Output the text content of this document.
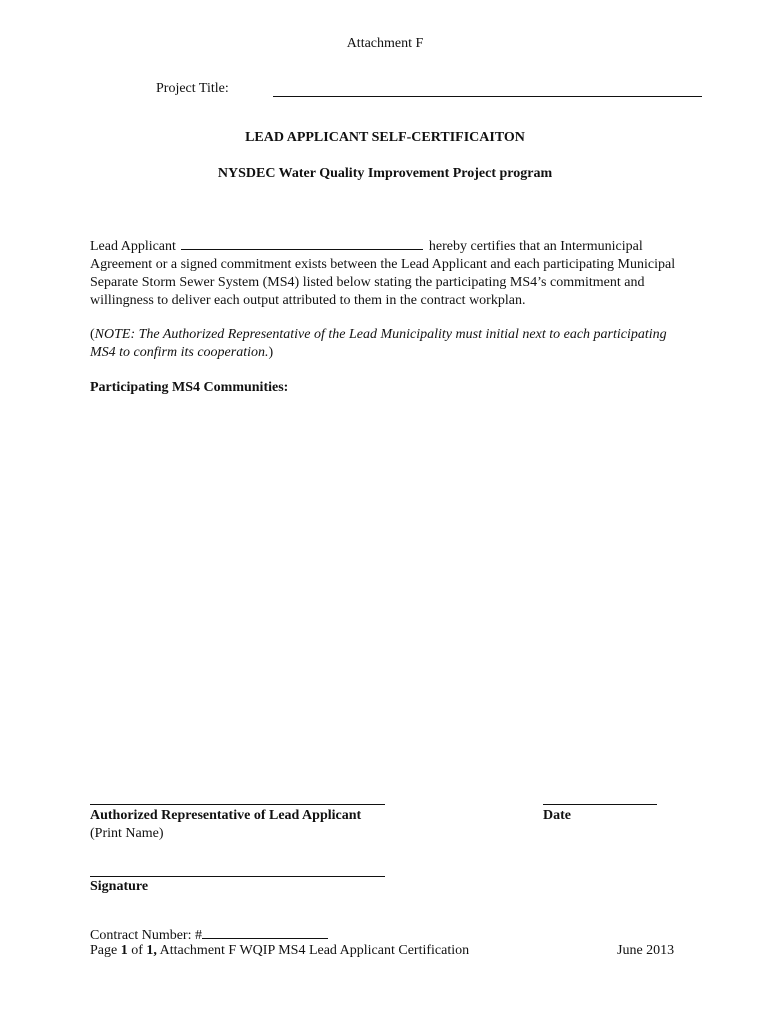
Attachment F
Project Title:
LEAD APPLICANT SELF-CERTIFICAITON
NYSDEC Water Quality Improvement Project program
Lead Applicant	hereby certifies that an Intermunicipal Agreement or a signed commitment exists between the Lead Applicant and each participating Municipal Separate Storm Sewer System (MS4) listed below stating the participating MS4’s commitment and willingness to deliver each output attributed to them in the contract workplan.
(NOTE: The Authorized Representative of the Lead Municipality must initial next to each participating MS4 to confirm its cooperation.)
Participating MS4 Communities:
Authorized Representative of Lead Applicant
(Print Name)
Date
Signature
Contract Number: #
Page 1 of 1, Attachment F WQIP MS4 Lead Applicant Certification	June 2013
